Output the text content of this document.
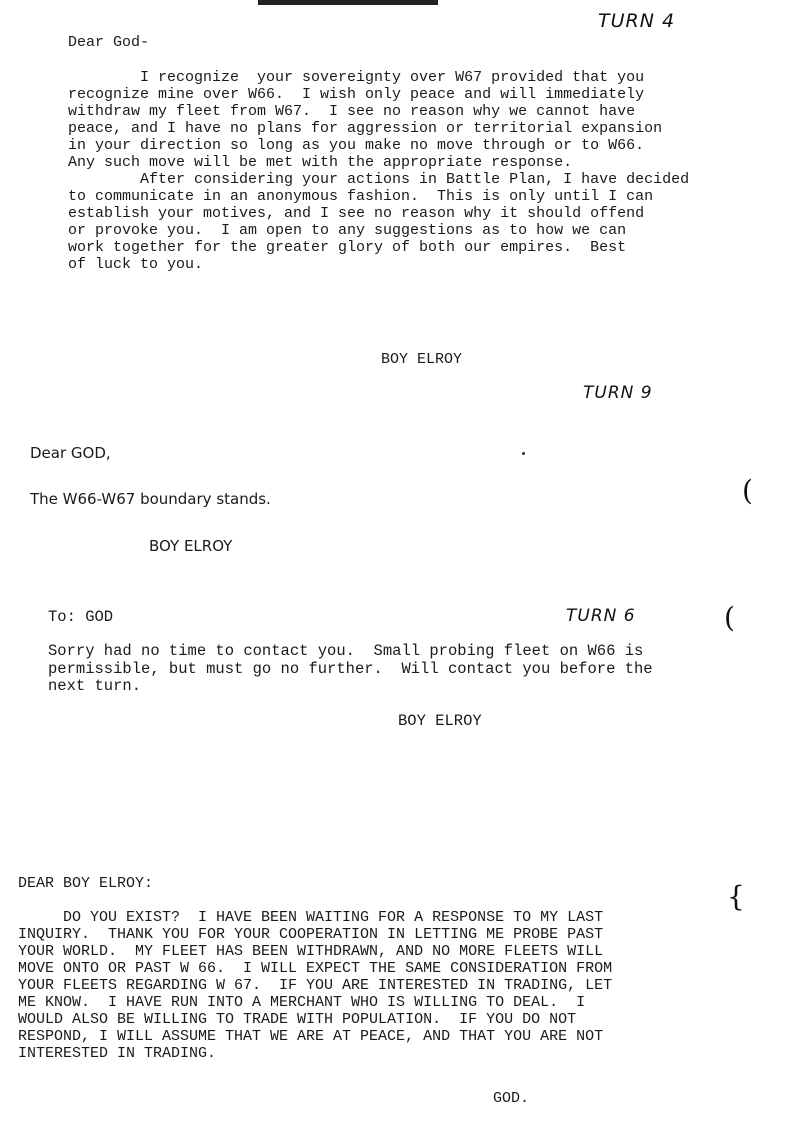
TURN 4
TURN 9
TURN 6
(
(
{
Dear God-
I recognize  your sovereignty over W67 provided that you
recognize mine over W66.  I wish only peace and will immediately
withdraw my fleet from W67.  I see no reason why we cannot have
peace, and I have no plans for aggression or territorial expansion
in your direction so long as you make no move through or to W66.
Any such move will be met with the appropriate response.
After considering your actions in Battle Plan, I have decided
to communicate in an anonymous fashion.  This is only until I can
establish your motives, and I see no reason why it should offend
or provoke you.  I am open to any suggestions as to how we can
work together for the greater glory of both our empires.  Best
of luck to you.
BOY ELROY
Dear GOD,
The W66-W67 boundary stands.
BOY ELROY
To: GOD
Sorry had no time to contact you.  Small probing fleet on W66 is
permissible, but must go no further.  Will contact you before the
next turn.
BOY ELROY
DEAR BOY ELROY:
DO YOU EXIST?  I HAVE BEEN WAITING FOR A RESPONSE TO MY LAST
INQUIRY.  THANK YOU FOR YOUR COOPERATION IN LETTING ME PROBE PAST
YOUR WORLD.  MY FLEET HAS BEEN WITHDRAWN, AND NO MORE FLEETS WILL
MOVE ONTO OR PAST W 66.  I WILL EXPECT THE SAME CONSIDERATION FROM
YOUR FLEETS REGARDING W 67.  IF YOU ARE INTERESTED IN TRADING, LET
ME KNOW.  I HAVE RUN INTO A MERCHANT WHO IS WILLING TO DEAL.  I
WOULD ALSO BE WILLING TO TRADE WITH POPULATION.  IF YOU DO NOT
RESPOND, I WILL ASSUME THAT WE ARE AT PEACE, AND THAT YOU ARE NOT
INTERESTED IN TRADING.
GOD.
